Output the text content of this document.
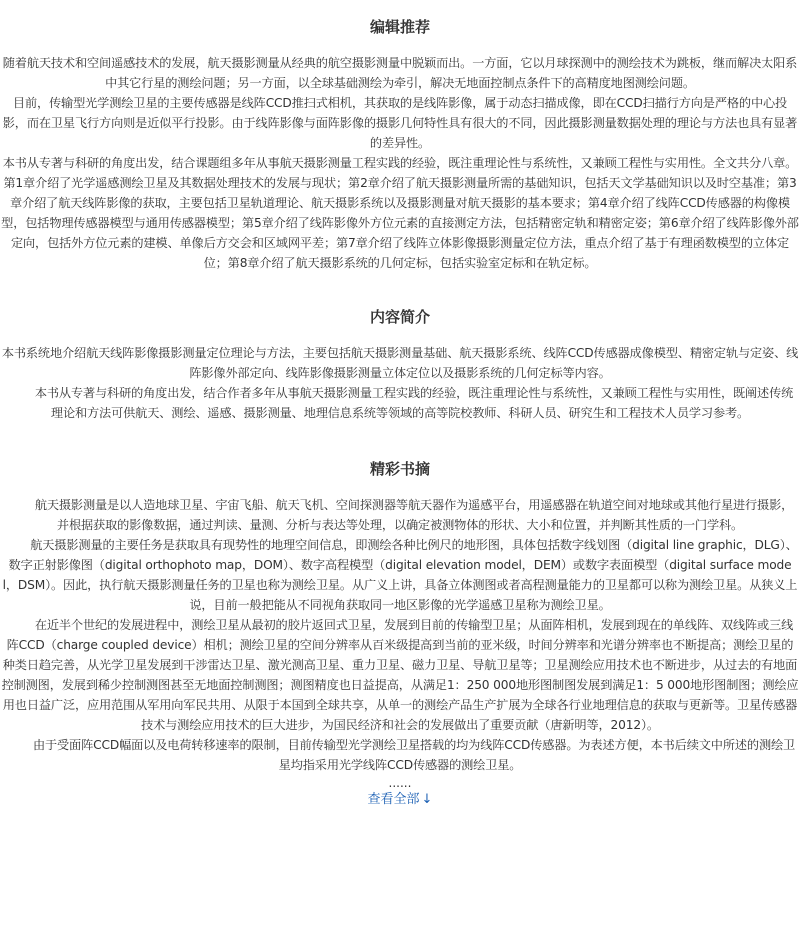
编辑推荐

随着航天技术和空间遥感技术的发展，航天摄影测量从经典的航空摄影测量中脱颖而出。一方面，它以月球探测中的测绘技术为跳板，继而解决太阳系中其它行星的测绘问题；另一方面，以全球基础测绘为牵引，解决无地面控制点条件下的高精度地图测绘问题。

目前，传输型光学测绘卫星的主要传感器是线阵CCD推扫式相机，其获取的是线阵影像，属于动态扫描成像，即在CCD扫描行方向是严格的中心投影，而在卫星飞行方向则是近似平行投影。由于线阵影像与面阵影像的摄影几何特性具有很大的不同，因此摄影测量数据处理的理论与方法也具有显著的差异性。

本书从专著与科研的角度出发，结合课题组多年从事航天摄影测量工程实践的经验，既注重理论性与系统性，又兼顾工程性与实用性。全文共分八章。第1章介绍了光学遥感测绘卫星及其数据处理技术的发展与现状；第2章介绍了航天摄影测量所需的基础知识，包括天文学基础知识以及时空基准；第3章介绍了航天线阵影像的获取，主要包括卫星轨道理论、航天摄影系统以及摄影测量对航天摄影的基本要求；第4章介绍了线阵CCD传感器的构像模型，包括物理传感器模型与通用传感器模型；第5章介绍了线阵影像外方位元素的直接测定方法，包括精密定轨和精密定姿；第6章介绍了线阵影像外部定向，包括外方位元素的建模、单像后方交会和区域网平差；第7章介绍了线阵立体影像摄影测量定位方法，重点介绍了基于有理函数模型的立体定位；第8章介绍了航天摄影系统的几何定标，包括实验室定标和在轨定标。

内容简介

本书系统地介绍航天线阵影像摄影测量定位理论与方法，主要包括航天摄影测量基础、航天摄影系统、线阵CCD传感器成像模型、精密定轨与定姿、线阵影像外部定向、线阵影像摄影测量立体定位以及摄影系统的几何定标等内容。

本书从专著与科研的角度出发，结合作者多年从事航天摄影测量工程实践的经验，既注重理论性与系统性，又兼顾工程性与实用性，既阐述传统理论和方法可供航天、测绘、遥感、摄影测量、地理信息系统等领域的高等院校教师、科研人员、研究生和工程技术人员学习参考。

精彩书摘

航天摄影测量是以人造地球卫星、宇宙飞船、航天飞机、空间探测器等航天器作为遥感平台，用遥感器在轨道空间对地球或其他行星进行摄影，并根据获取的影像数据，通过判读、量测、分析与表达等处理，以确定被测物体的形状、大小和位置，并判断其性质的一门学科。

航天摄影测量的主要任务是获取具有现势性的地理空间信息，即测绘各种比例尺的地形图，具体包括数字线划图（digital line graphic，DLG）、数字正射影像图（digital orthophoto map，DOM）、数字高程模型（digital elevation model，DEM）或数字表面模型（digital surface model，DSM）。因此，执行航天摄影测量任务的卫星也称为测绘卫星。从广义上讲，具备立体测图或者高程测量能力的卫星都可以称为测绘卫星。从狭义上说，目前一般把能从不同视角获取同一地区影像的光学遥感卫星称为测绘卫星。

在近半个世纪的发展进程中，测绘卫星从最初的胶片返回式卫星，发展到目前的传输型卫星；从面阵相机，发展到现在的单线阵、双线阵或三线阵CCD（charge coupled device）相机；测绘卫星的空间分辨率从百米级提高到当前的亚米级，时间分辨率和光谱分辨率也不断提高；测绘卫星的种类日趋完善，从光学卫星发展到干涉雷达卫星、激光测高卫星、重力卫星、磁力卫星、导航卫星等；卫星测绘应用技术也不断进步，从过去的有地面控制测图，发展到稀少控制测图甚至无地面控制测图；测图精度也日益提高，从满足1：250 000地形图制图发展到满足1：5 000地形图制图；测绘应用也日益广泛，应用范围从军用向军民共用、从限于本国到全球共享，从单一的测绘产品生产扩展为全球各行业地理信息的获取与更新等。卫星传感器技术与测绘应用技术的巨大进步，为国民经济和社会的发展做出了重要贡献（唐新明等，2012）。

由于受面阵CCD幅面以及电荷转移速率的限制，目前传输型光学测绘卫星搭载的均为线阵CCD传感器。为表述方便，本书后续文中所述的测绘卫星均指采用光学线阵CCD传感器的测绘卫星。

......

查看全部 ↓
